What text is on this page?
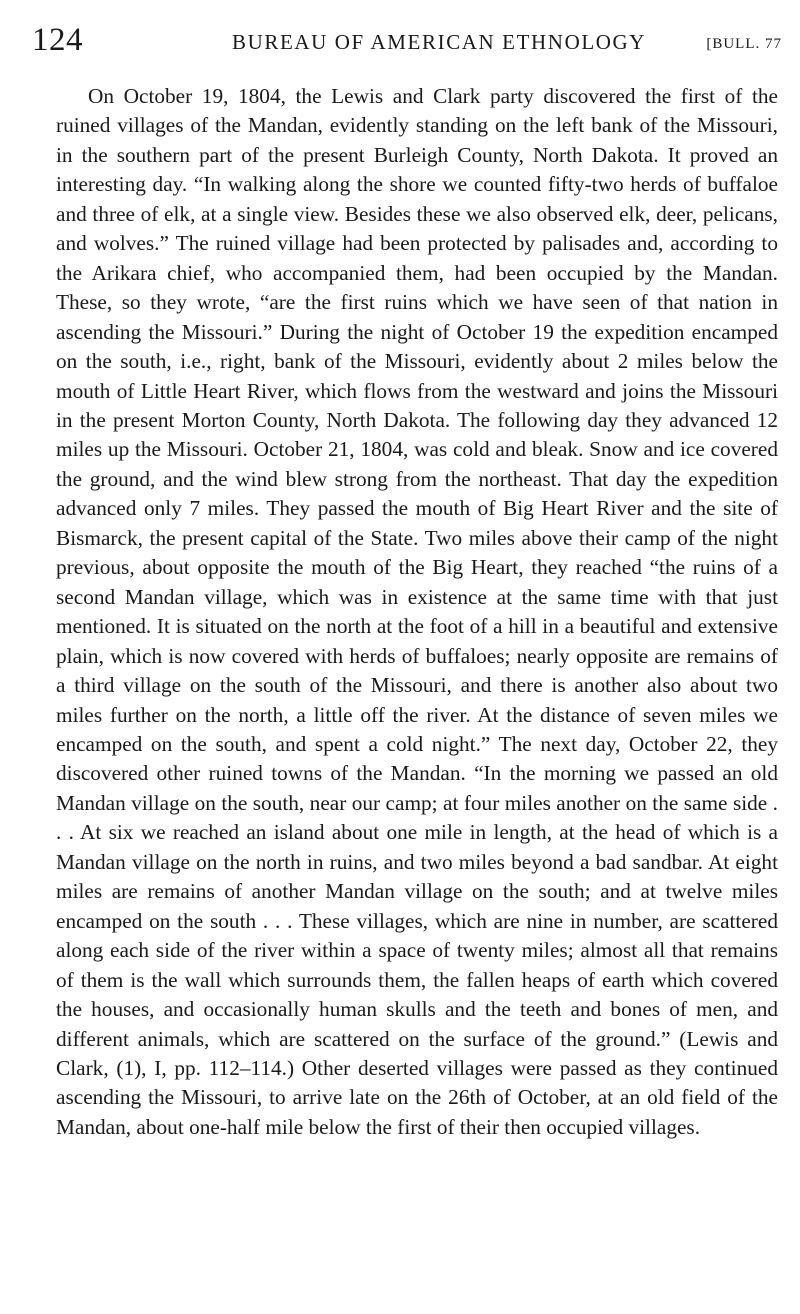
124	BUREAU OF AMERICAN ETHNOLOGY	[BULL. 77

On October 19, 1804, the Lewis and Clark party discovered the first of the ruined villages of the Mandan, evidently standing on the left bank of the Missouri, in the southern part of the present Burleigh County, North Dakota. It proved an interesting day. “In walking along the shore we counted fifty-two herds of buffaloe and three of elk, at a single view. Besides these we also observed elk, deer, pelicans, and wolves.” The ruined village had been protected by palisades and, according to the Arikara chief, who accompanied them, had been occupied by the Mandan. These, so they wrote, “are the first ruins which we have seen of that nation in ascending the Missouri.” During the night of October 19 the expedition encamped on the south, i.e., right, bank of the Missouri, evidently about 2 miles below the mouth of Little Heart River, which flows from the westward and joins the Missouri in the present Morton County, North Dakota. The following day they advanced 12 miles up the Missouri. October 21, 1804, was cold and bleak. Snow and ice covered the ground, and the wind blew strong from the northeast. That day the expedition advanced only 7 miles. They passed the mouth of Big Heart River and the site of Bismarck, the present capital of the State. Two miles above their camp of the night previous, about opposite the mouth of the Big Heart, they reached “the ruins of a second Mandan village, which was in existence at the same time with that just mentioned. It is situated on the north at the foot of a hill in a beautiful and extensive plain, which is now covered with herds of buffaloes; nearly opposite are remains of a third village on the south of the Missouri, and there is another also about two miles further on the north, a little off the river. At the distance of seven miles we encamped on the south, and spent a cold night.” The next day, October 22, they discovered other ruined towns of the Mandan. “In the morning we passed an old Mandan village on the south, near our camp; at four miles another on the same side . . . At six we reached an island about one mile in length, at the head of which is a Mandan village on the north in ruins, and two miles beyond a bad sandbar. At eight miles are remains of another Mandan village on the south; and at twelve miles encamped on the south . . . These villages, which are nine in number, are scattered along each side of the river within a space of twenty miles; almost all that remains of them is the wall which surrounds them, the fallen heaps of earth which covered the houses, and occasionally human skulls and the teeth and bones of men, and different animals, which are scattered on the surface of the ground.” (Lewis and Clark, (1), I, pp. 112–114.) Other deserted villages were passed as they continued ascending the Missouri, to arrive late on the 26th of October, at an old field of the Mandan, about one-half mile below the first of their then occupied villages.
